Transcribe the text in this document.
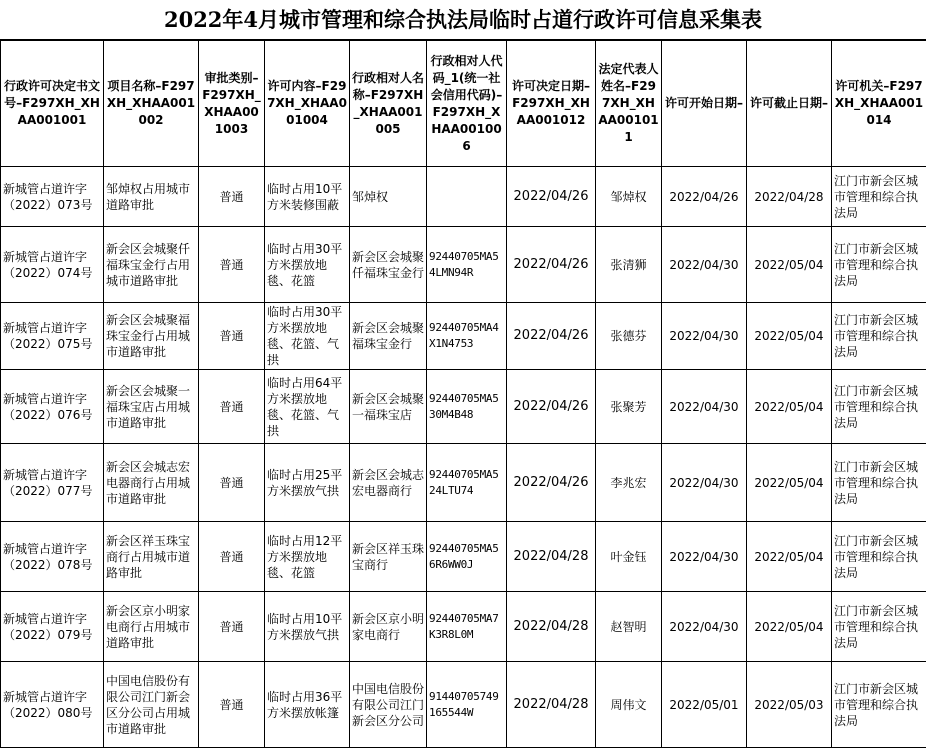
2022年4月城市管理和综合执法局临时占道行政许可信息采集表
行政许可决定书文号–F297XH_XHAA001001	项目名称–F297XH_XHAA001002	审批类别–F297XH_XHAA001003	许可内容–F297XH_XHAA001004	行政相对人名称–F297XH_XHAA001005	行政相对人代码_1(统一社会信用代码)–F297XH_XHAA001006	许可决定日期–F297XH_XHAA001012	法定代表人姓名–F297XH_XHAA001011	许可开始日期–	许可截止日期–	许可机关–F297XH_XHAA001014
新城管占道许字（2022）073号	邹焯权占用城市道路审批	普通	临时占用10平方米装修围蔽	邹焯权		2022/04/26	邹焯权	2022/04/26	2022/04/28	江门市新会区城市管理和综合执法局
新城管占道许字（2022）074号	新会区会城聚仟福珠宝金行占用城市道路审批	普通	临时占用30平方米摆放地毯、花篮	新会区会城聚仟福珠宝金行	92440705MA54LMN94R	2022/04/26	张清狮	2022/04/30	2022/05/04	江门市新会区城市管理和综合执法局
新城管占道许字（2022）075号	新会区会城聚福珠宝金行占用城市道路审批	普通	临时占用30平方米摆放地毯、花篮、气拱	新会区会城聚福珠宝金行	92440705MA4X1N4753	2022/04/26	张德芬	2022/04/30	2022/05/04	江门市新会区城市管理和综合执法局
新城管占道许字（2022）076号	新会区会城聚一福珠宝店占用城市道路审批	普通	临时占用64平方米摆放地毯、花篮、气拱	新会区会城聚一福珠宝店	92440705MA530M4B48	2022/04/26	张聚芳	2022/04/30	2022/05/04	江门市新会区城市管理和综合执法局
新城管占道许字（2022）077号	新会区会城志宏电器商行占用城市道路审批	普通	临时占用25平方米摆放气拱	新会区会城志宏电器商行	92440705MA524LTU74	2022/04/26	李兆宏	2022/04/30	2022/05/04	江门市新会区城市管理和综合执法局
新城管占道许字（2022）078号	新会区祥玉珠宝商行占用城市道路审批	普通	临时占用12平方米摆放地毯、花篮	新会区祥玉珠宝商行	92440705MA56R6WW0J	2022/04/28	叶金钰	2022/04/30	2022/05/04	江门市新会区城市管理和综合执法局
新城管占道许字（2022）079号	新会区京小明家电商行占用城市道路审批	普通	临时占用10平方米摆放气拱	新会区京小明家电商行	92440705MA7K3R8L0M	2022/04/28	赵智明	2022/04/30	2022/05/04	江门市新会区城市管理和综合执法局
新城管占道许字（2022）080号	中国电信股份有限公司江门新会区分公司占用城市道路审批	普通	临时占用36平方米摆放帐篷	中国电信股份有限公司江门新会区分公司	91440705749165544W	2022/04/28	周伟文	2022/05/01	2022/05/03	江门市新会区城市管理和综合执法局
